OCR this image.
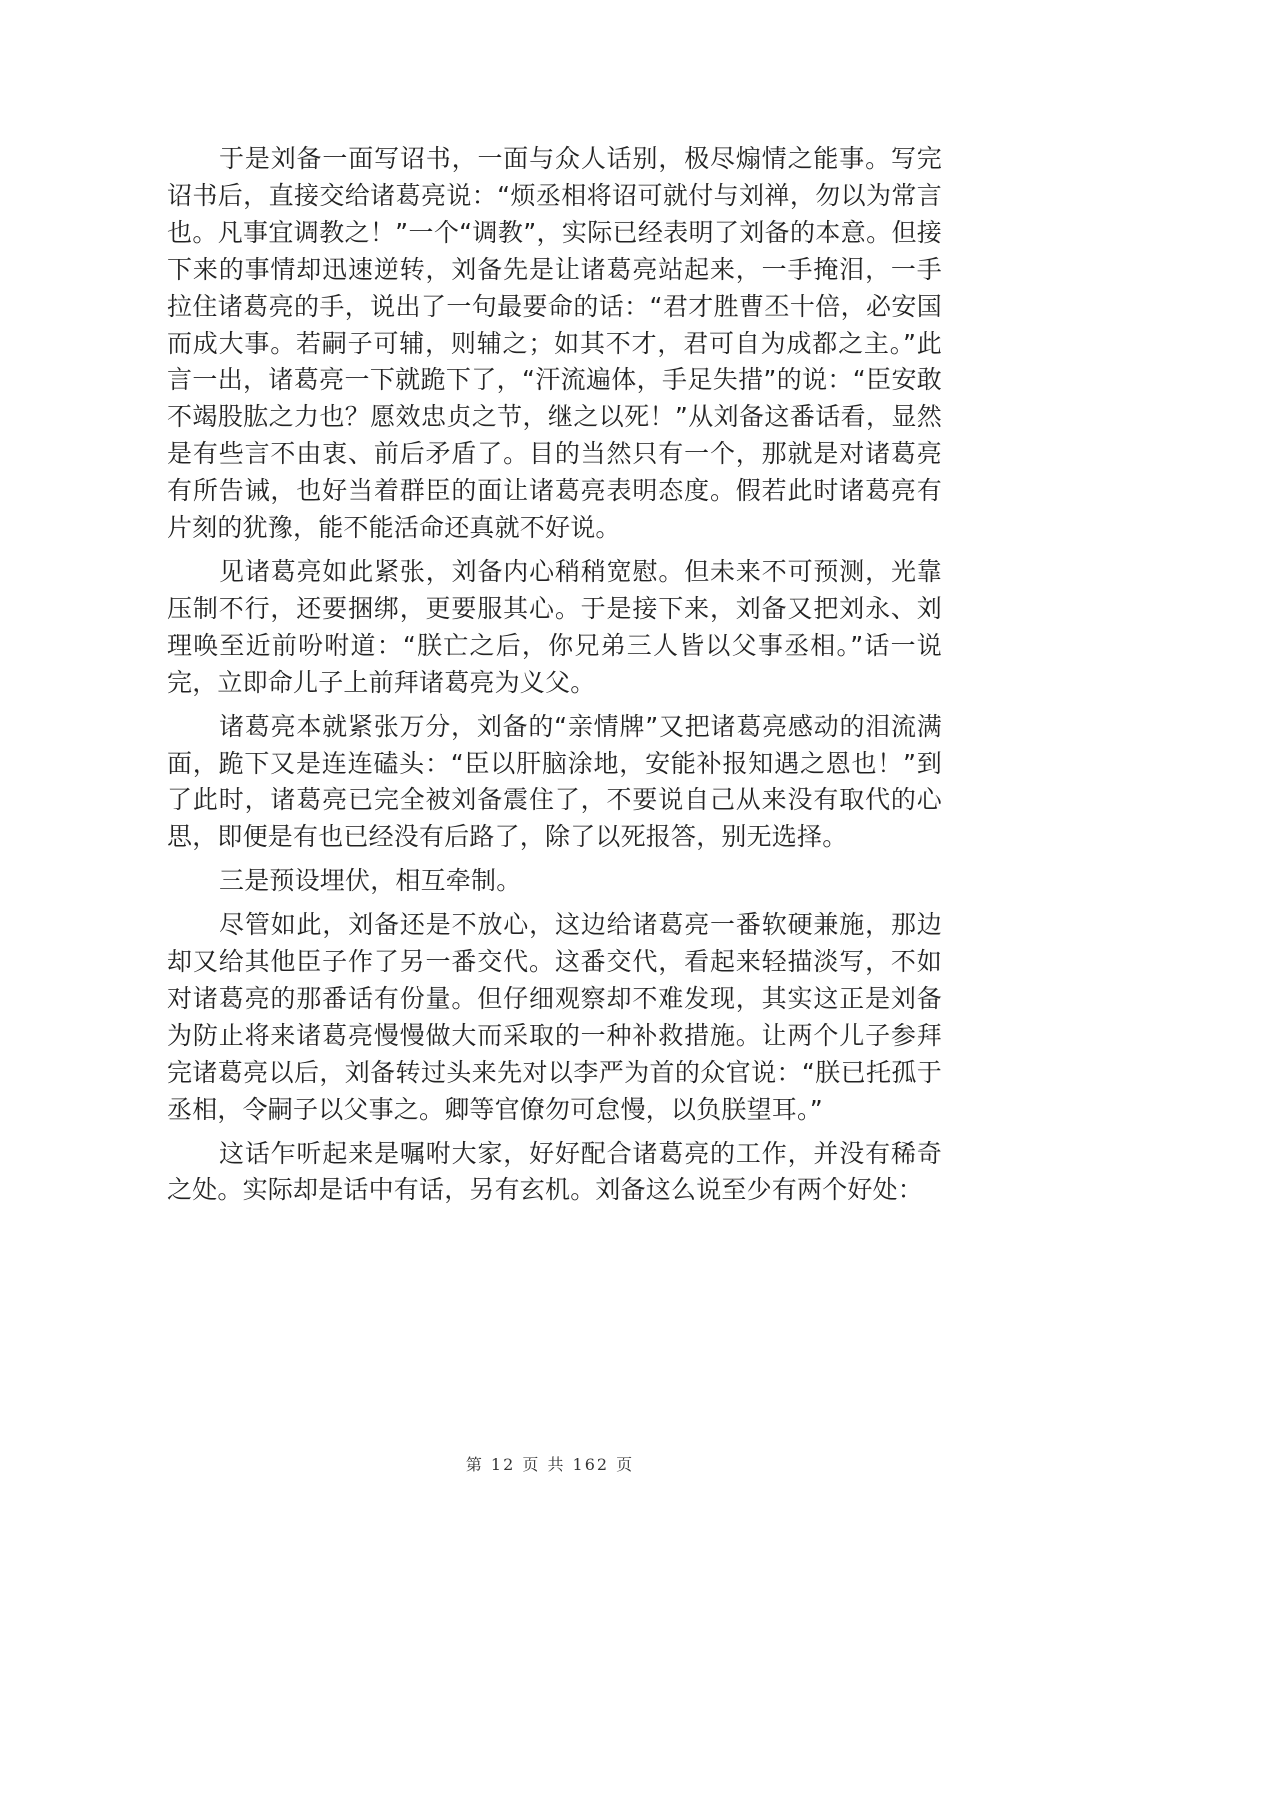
于是刘备一面写诏书，一面与众人话别，极尽煽情之能事。写完诏书后，直接交给诸葛亮说：“烦丞相将诏可就付与刘禅，勿以为常言也。凡事宜调教之！”一个“调教”，实际已经表明了刘备的本意。但接下来的事情却迅速逆转，刘备先是让诸葛亮站起来，一手掩泪，一手拉住诸葛亮的手，说出了一句最要命的话：“君才胜曹丕十倍，必安国而成大事。若嗣子可辅，则辅之；如其不才，君可自为成都之主。”此言一出，诸葛亮一下就跪下了，“汗流遍体，手足失措”的说：“臣安敢不竭股肱之力也？愿效忠贞之节，继之以死！”从刘备这番话看，显然是有些言不由衷、前后矛盾了。目的当然只有一个，那就是对诸葛亮有所告诫，也好当着群臣的面让诸葛亮表明态度。假若此时诸葛亮有片刻的犹豫，能不能活命还真就不好说。

见诸葛亮如此紧张，刘备内心稍稍宽慰。但未来不可预测，光靠压制不行，还要捆绑，更要服其心。于是接下来，刘备又把刘永、刘理唤至近前吩咐道：“朕亡之后，你兄弟三人皆以父事丞相。”话一说完，立即命儿子上前拜诸葛亮为义父。

诸葛亮本就紧张万分，刘备的“亲情牌”又把诸葛亮感动的泪流满面，跪下又是连连磕头：“臣以肝脑涂地，安能补报知遇之恩也！”到了此时，诸葛亮已完全被刘备震住了，不要说自己从来没有取代的心思，即便是有也已经没有后路了，除了以死报答，别无选择。

三是预设埋伏，相互牵制。

尽管如此，刘备还是不放心，这边给诸葛亮一番软硬兼施，那边却又给其他臣子作了另一番交代。这番交代，看起来轻描淡写，不如对诸葛亮的那番话有份量。但仔细观察却不难发现，其实这正是刘备为防止将来诸葛亮慢慢做大而采取的一种补救措施。让两个儿子参拜完诸葛亮以后，刘备转过头来先对以李严为首的众官说：“朕已托孤于丞相，令嗣子以父事之。卿等官僚勿可怠慢，以负朕望耳。”

这话乍听起来是嘱咐大家，好好配合诸葛亮的工作，并没有稀奇之处。实际却是话中有话，另有玄机。刘备这么说至少有两个好处：

第 12 页 共 162 页
